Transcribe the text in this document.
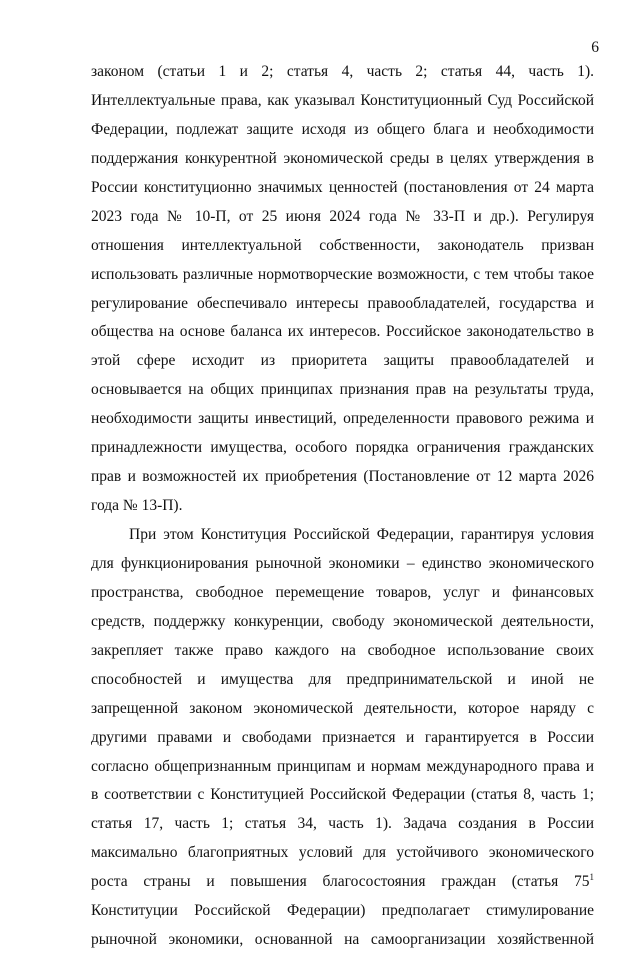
6
законом (статьи 1 и 2; статья 4, часть 2; статья 44, часть 1).
Интеллектуальные права, как указывал Конституционный Суд Российской
Федерации, подлежат защите исходя из общего блага и необходимости
поддержания конкурентной экономической среды в целях утверждения в
России конституционно значимых ценностей (постановления от 24 марта
2023 года № 10-П, от 25 июня 2024 года № 33-П и др.). Регулируя
отношения интеллектуальной собственности, законодатель призван
использовать различные нормотворческие возможности, с тем чтобы такое
регулирование обеспечивало интересы правообладателей, государства и
общества на основе баланса их интересов. Российское законодательство в
этой сфере исходит из приоритета защиты правообладателей и
основывается на общих принципах признания прав на результаты труда,
необходимости защиты инвестиций, определенности правового режима и
принадлежности имущества, особого порядка ограничения гражданских
прав и возможностей их приобретения (Постановление от 12 марта 2026
года № 13-П).
При этом Конституция Российской Федерации, гарантируя условия
для функционирования рыночной экономики – единство экономического
пространства, свободное перемещение товаров, услуг и финансовых
средств, поддержку конкуренции, свободу экономической деятельности,
закрепляет также право каждого на свободное использование своих
способностей и имущества для предпринимательской и иной не
запрещенной законом экономической деятельности, которое наряду с
другими правами и свободами признается и гарантируется в России
согласно общепризнанным принципам и нормам международного права и
в соответствии с Конституцией Российской Федерации (статья 8, часть 1;
статья 17, часть 1; статья 34, часть 1). Задача создания в России
максимально благоприятных условий для устойчивого экономического
роста страны и повышения благосостояния граждан (статья $75^1$
Конституции Российской Федерации) предполагает стимулирование
рыночной экономики, основанной на самоорганизации хозяйственной
